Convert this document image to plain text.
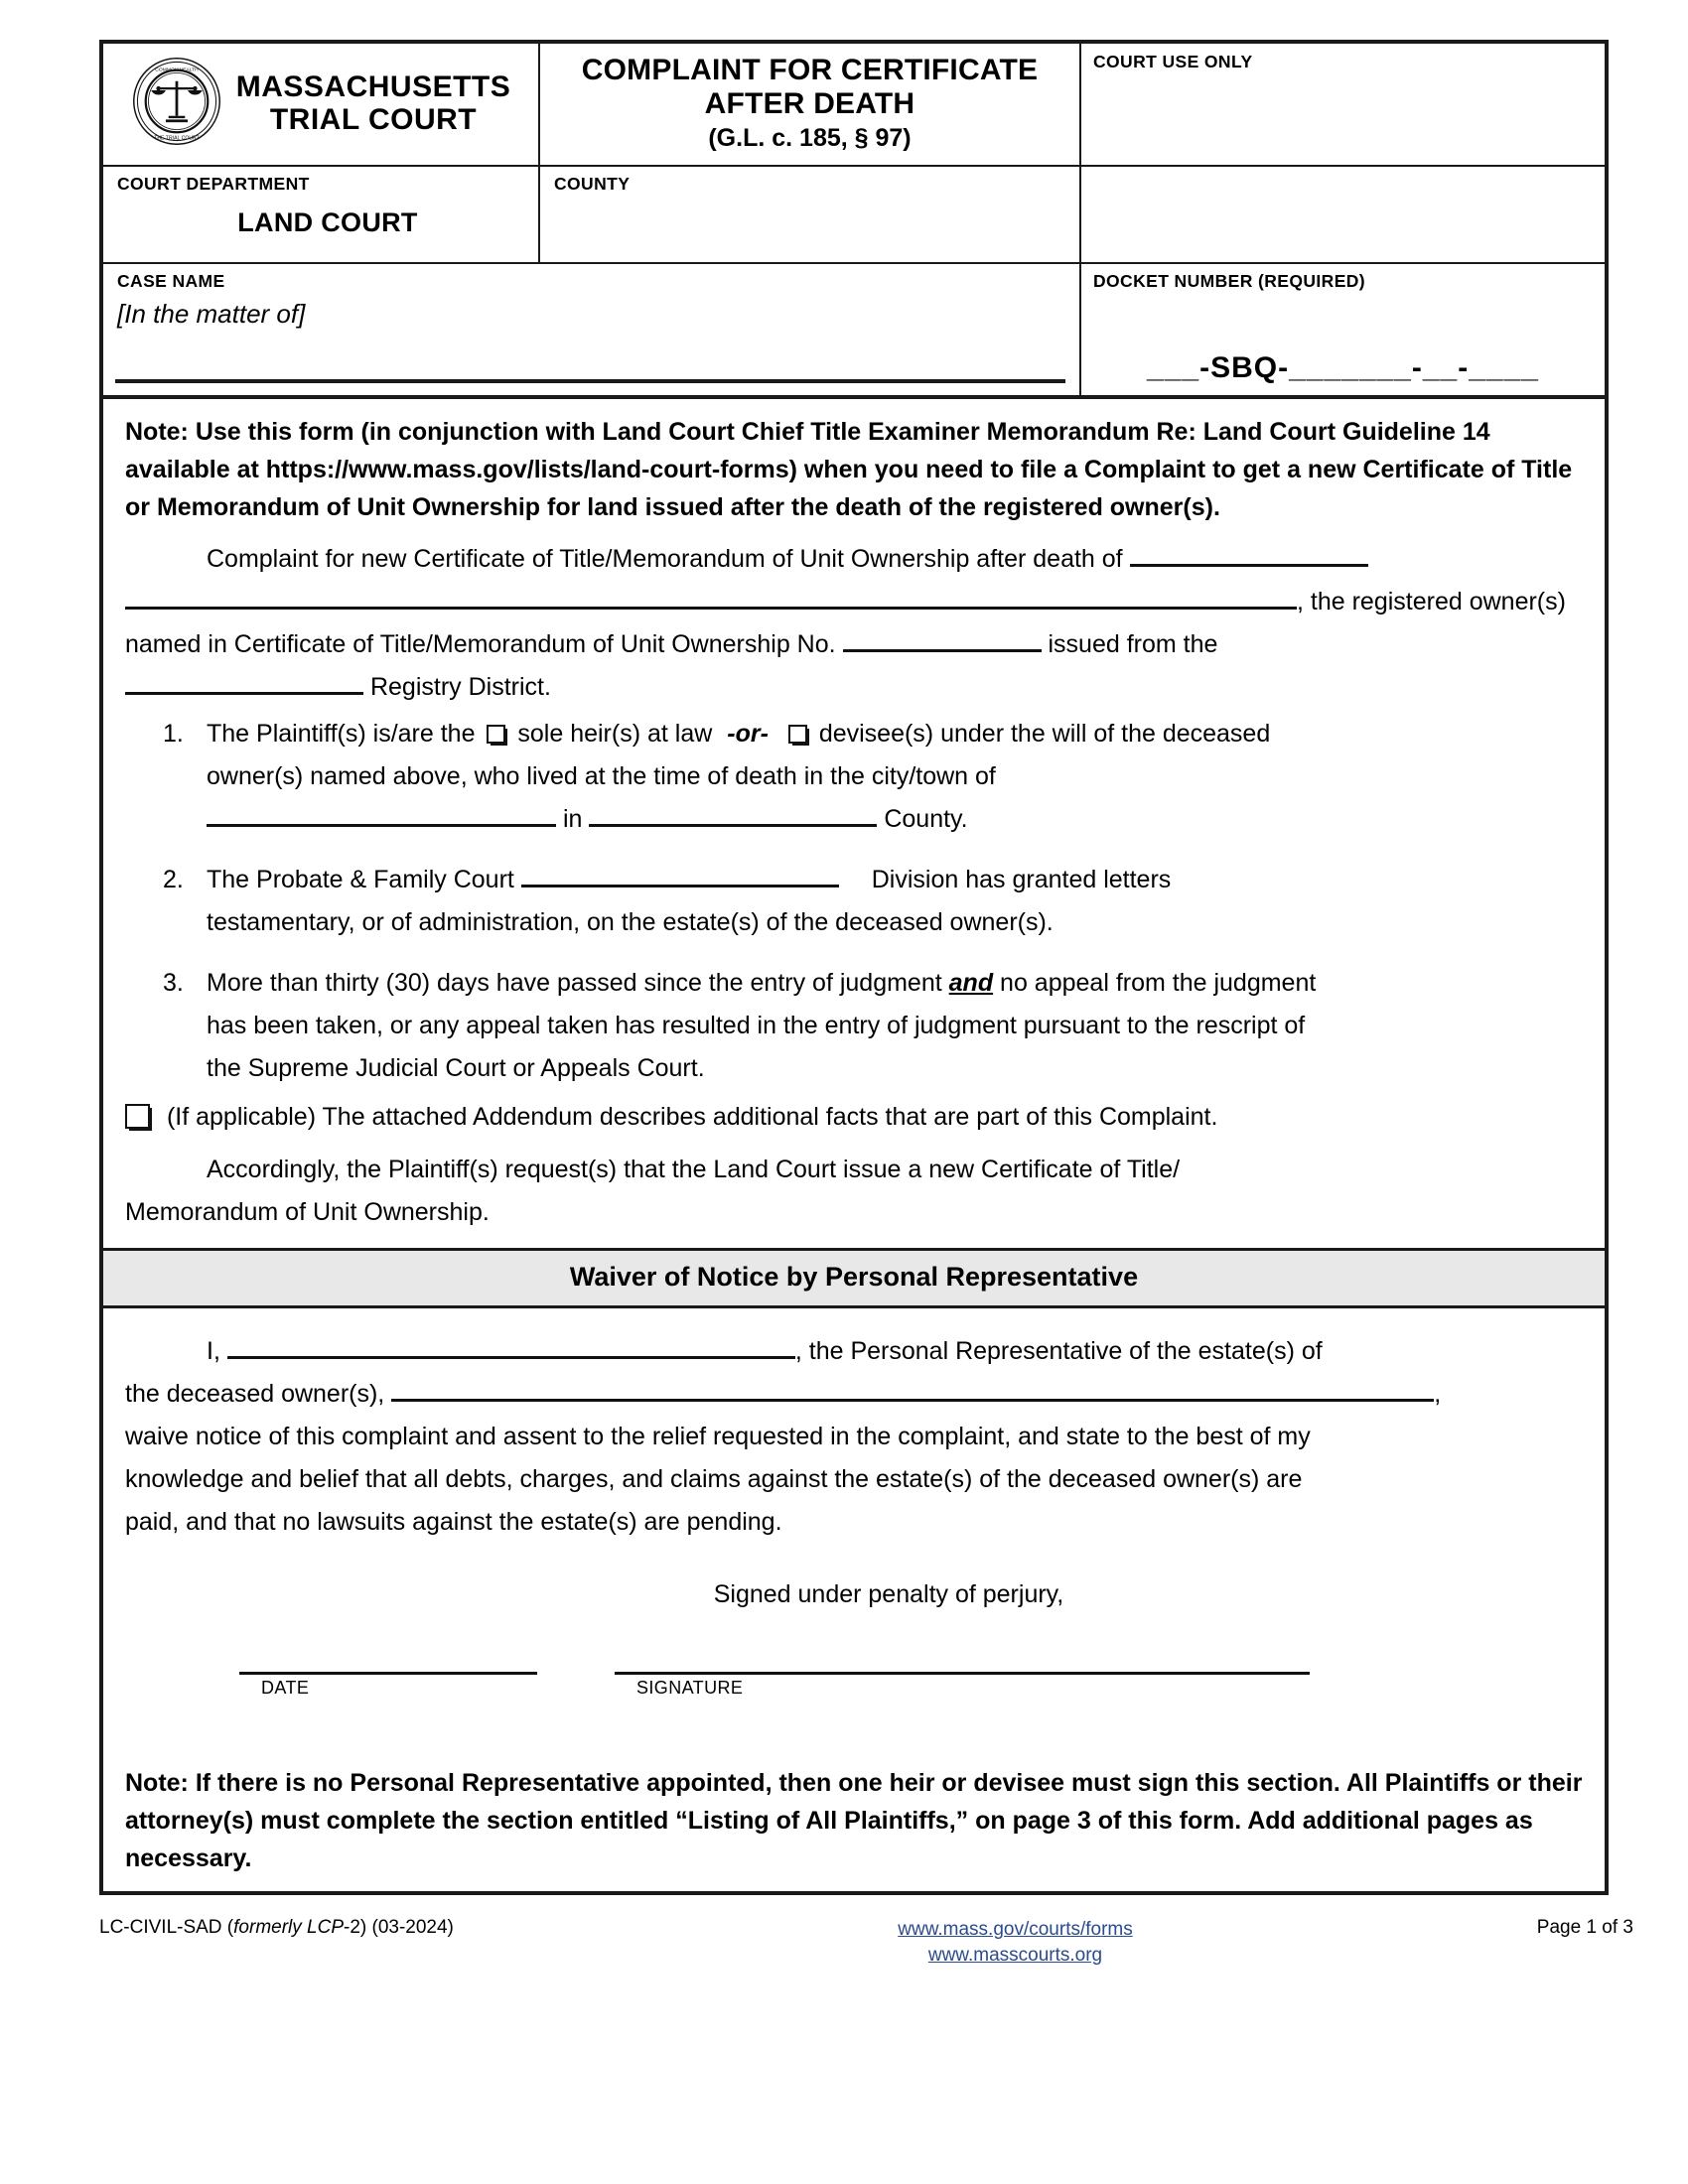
COMMONWEALTH
THE TRIAL COURT
MASSACHUSETTS
TRIAL COURT
COMPLAINT FOR CERTIFICATE
AFTER DEATH
(G.L. c. 185, § 97)
COURT USE ONLY
COURT DEPARTMENT
LAND COURT
COUNTY
CASE NAME
[In the matter of]
DOCKET NUMBER (REQUIRED)
___-SBQ-_______-__-____
Note: Use this form (in conjunction with Land Court Chief Title Examiner Memorandum Re: Land Court Guideline 14 available at https://www.mass.gov/lists/land-court-forms) when you need to file a Complaint to get a new Certificate of Title or Memorandum of Unit Ownership for land issued after the death of the registered owner(s).
Complaint for new Certificate of Title/Memorandum of Unit Ownership after death of
, the registered owner(s)
named in Certificate of Title/Memorandum of Unit Ownership No.	issued from the
Registry District.
1. The Plaintiff(s) is/are the sole heir(s) at law -or- devisee(s) under the will of the deceased
owner(s) named above, who lived at the time of death in the city/town of
in	County.
2. The Probate & Family Court	Division has granted letters
testamentary, or of administration, on the estate(s) of the deceased owner(s).
3. More than thirty (30) days have passed since the entry of judgment and no appeal from the judgment
has been taken, or any appeal taken has resulted in the entry of judgment pursuant to the rescript of
the Supreme Judicial Court or Appeals Court.
(If applicable) The attached Addendum describes additional facts that are part of this Complaint.
Accordingly, the Plaintiff(s) request(s) that the Land Court issue a new Certificate of Title/
Memorandum of Unit Ownership.
Waiver of Notice by Personal Representative
I,	, the Personal Representative of the estate(s) of
the deceased owner(s),	,
waive notice of this complaint and assent to the relief requested in the complaint, and state to the best of my
knowledge and belief that all debts, charges, and claims against the estate(s) of the deceased owner(s) are
paid, and that no lawsuits against the estate(s) are pending.
Signed under penalty of perjury,
DATE	SIGNATURE
Note: If there is no Personal Representative appointed, then one heir or devisee must sign this section. All Plaintiffs or their attorney(s) must complete the section entitled “Listing of All Plaintiffs,” on page 3 of this form. Add additional pages as necessary.
LC-CIVIL-SAD (formerly LCP-2) (03-2024)	www.mass.gov/courts/forms
www.masscourts.org
Page 1 of 3
